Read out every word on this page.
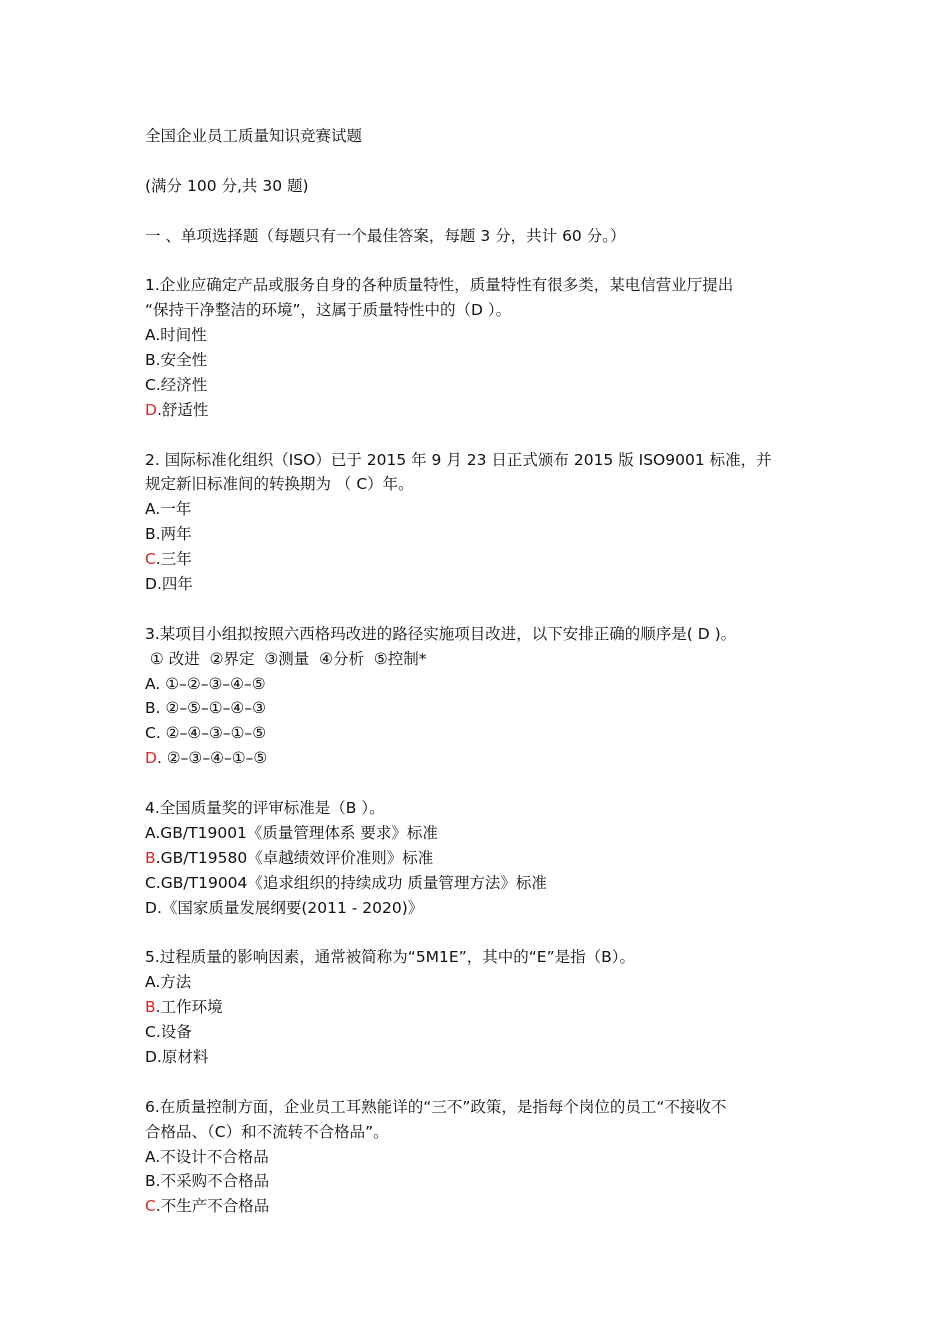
全国企业员工质量知识竞赛试题
(满分 100 分,共 30 题)
一 、单项选择题（每题只有一个最佳答案，每题 3 分，共计 60 分。）
1.企业应确定产品或服务自身的各种质量特性，质量特性有很多类，某电信营业厅提出
“保持干净整洁的环境”，这属于质量特性中的（D ）。
A.时间性
B.安全性
C.经济性
D.舒适性
2. 国际标准化组织（ISO）已于 2015 年 9 月 23 日正式颁布 2015 版 ISO9001 标准，并
规定新旧标准间的转换期为 （ C）年。
A.一年
B.两年
C.三年
D.四年
3.某项目小组拟按照六西格玛改进的路径实施项目改进，以下安排正确的顺序是( D )。
① 改进  ②界定  ③测量  ④分析  ⑤控制*
A. ①–②–③–④–⑤
B. ②–⑤–①–④–③
C. ②–④–③–①–⑤
D. ②–③–④–①–⑤
4.全国质量奖的评审标准是（B ）。
A.GB/T19001《质量管理体系 要求》标准
B.GB/T19580《卓越绩效评价准则》标准
C.GB/T19004《追求组织的持续成功 质量管理方法》标准
D.《国家质量发展纲要(2011 - 2020)》
5.过程质量的影响因素，通常被简称为“5M1E”，其中的“E”是指（B）。
A.方法
B.工作环境
C.设备
D.原材料
6.在质量控制方面，企业员工耳熟能详的“三不”政策，是指每个岗位的员工“不接收不
合格品、（C）和不流转不合格品”。
A.不设计不合格品
B.不采购不合格品
C.不生产不合格品
